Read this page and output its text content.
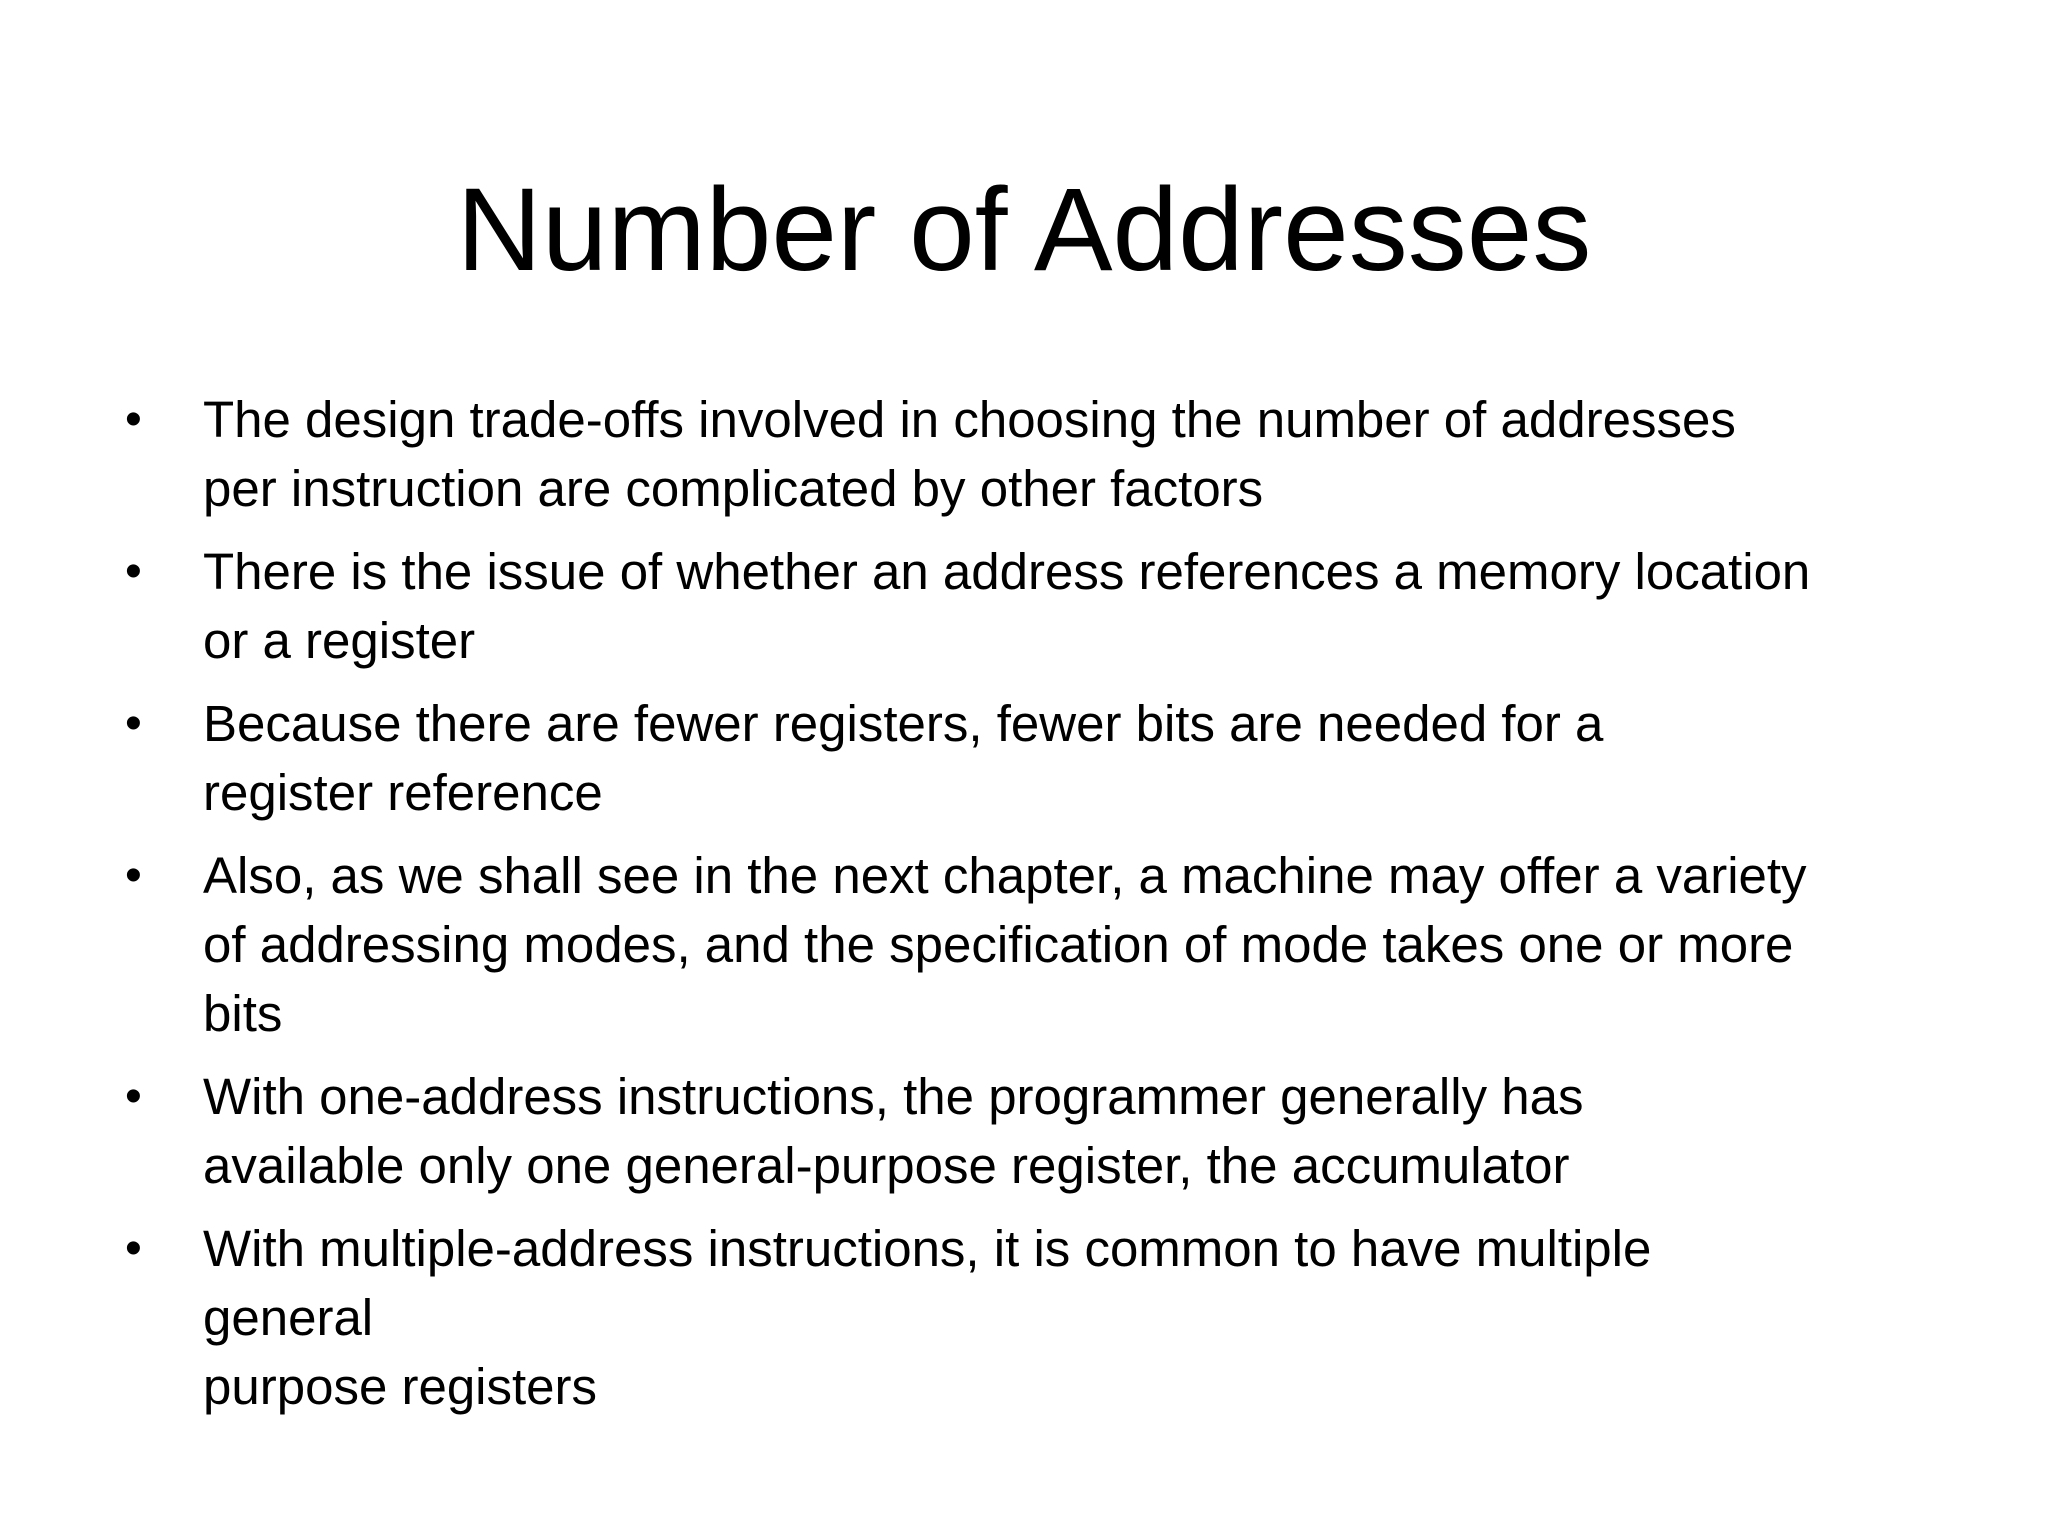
Number of Addresses
• The design trade-offs involved in choosing the number of addresses
per instruction are complicated by other factors
• There is the issue of whether an address references a memory location
or a register
• Because there are fewer registers, fewer bits are needed for a
register reference
• Also, as we shall see in the next chapter, a machine may offer a variety
of addressing modes, and the specification of mode takes one or more
bits
• With one-address instructions, the programmer generally has
available only one general-purpose register, the accumulator
• With multiple-address instructions, it is common to have multiple
general
purpose registers
